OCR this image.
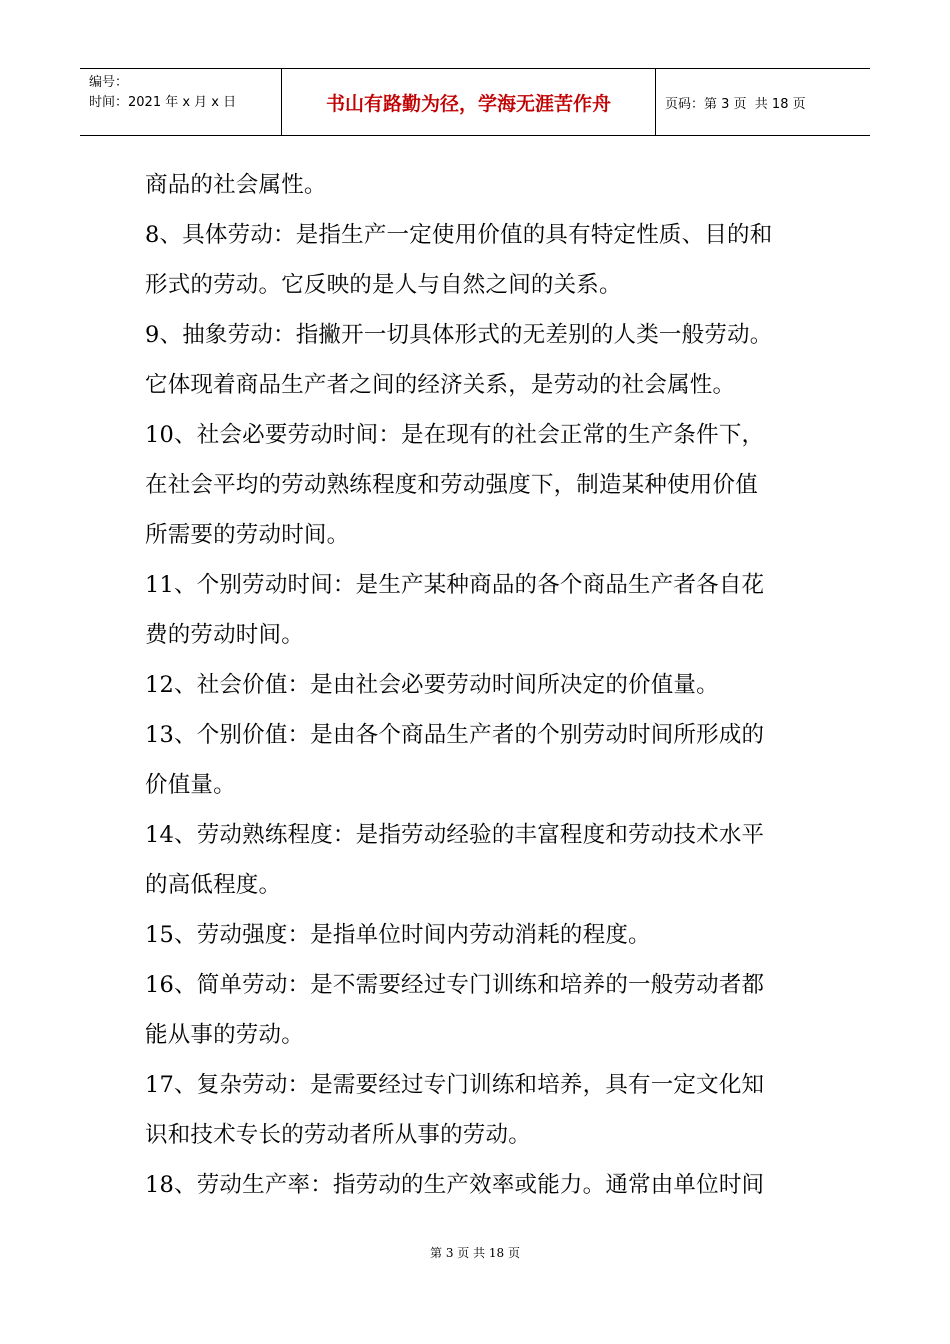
编号：
时间：2021 年 x 月 x 日	书山有路勤为径，学海无涯苦作舟	页码：第 3 页  共 18 页
商品的社会属性。
8、具体劳动：是指生产一定使用价值的具有特定性质、目的和
形式的劳动。它反映的是人与自然之间的关系。
9、抽象劳动：指撇开一切具体形式的无差别的人类一般劳动。
它体现着商品生产者之间的经济关系，是劳动的社会属性。
10、社会必要劳动时间：是在现有的社会正常的生产条件下，
在社会平均的劳动熟练程度和劳动强度下，制造某种使用价值
所需要的劳动时间。
11、个别劳动时间：是生产某种商品的各个商品生产者各自花
费的劳动时间。
12、社会价值：是由社会必要劳动时间所决定的价值量。
13、个别价值：是由各个商品生产者的个别劳动时间所形成的
价值量。
14、劳动熟练程度：是指劳动经验的丰富程度和劳动技术水平
的高低程度。
15、劳动强度：是指单位时间内劳动消耗的程度。
16、简单劳动：是不需要经过专门训练和培养的一般劳动者都
能从事的劳动。
17、复杂劳动：是需要经过专门训练和培养，具有一定文化知
识和技术专长的劳动者所从事的劳动。
18、劳动生产率：指劳动的生产效率或能力。通常由单位时间
第 3 页 共 18 页
